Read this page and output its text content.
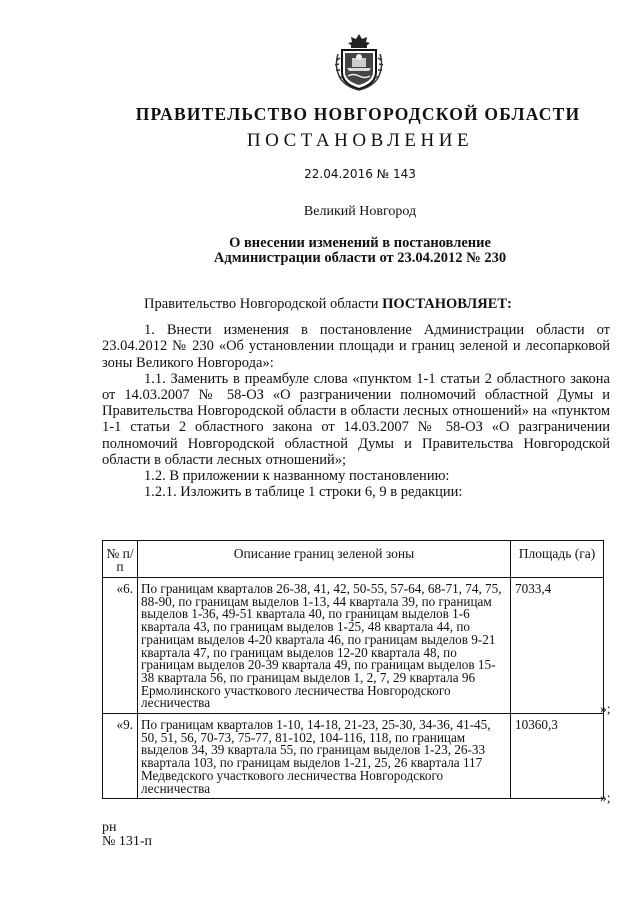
ПРАВИТЕЛЬСТВО НОВГОРОДСКОЙ ОБЛАСТИ
ПОСТАНОВЛЕНИЕ
22.04.2016 № 143
Великий Новгород
О внесении изменений в постановление
Администрации области от 23.04.2012 № 230

Правительство Новгородской области ПОСТАНОВЛЯЕТ:

1. Внести изменения в постановление Администрации области от 23.04.2012 № 230 «Об установлении площади и границ зеленой и лесопарковой зоны Великого Новгорода»:

1.1. Заменить в преамбуле слова «пунктом 1-1 статьи 2 областного закона от 14.03.2007 № 58-ОЗ «О разграничении полномочий областной Думы и Правительства Новгородской области в области лесных отношений» на «пунктом 1-1 статьи 2 областного закона от 14.03.2007 № 58-ОЗ «О разграничении полномочий Новгородской областной Думы и Правительства Новгородской области в области лесных отношений»;

1.2. В приложении к названному постановлению:

1.2.1. Изложить в таблице 1 строки 6, 9 в редакции:

№ п/п	Описание границ зеленой зоны	Площадь (га)
«6.	По границам кварталов 26-38, 41, 42, 50-55, 57-64, 68-71, 74, 75, 88-90, по границам выделов 1-13, 44 квартала 39, по границам выделов 1-36, 49-51 квартала 40, по границам выделов 1-6 квартала 43, по границам выделов 1-25, 48 квартала 44, по границам выделов 4-20 квартала 46, по границам выделов 9-21 квартала 47, по границам выделов 12-20 квартала 48, по границам выделов 20-39 квартала 49, по границам выделов 15-38 квартала 56, по границам выделов 1, 2, 7, 29 квартала 96 Ермолинского участкового лесничества Новгородского лесничества	7033,4
«9.	По границам кварталов 1-10, 14-18, 21-23, 25-30, 34-36, 41-45, 50, 51, 56, 70-73, 75-77, 81-102, 104-116, 118, по границам выделов 34, 39 квартала 55, по границам выделов 1-23, 26-33 квартала 103, по границам выделов 1-21, 25, 26 квартала 117 Медведского участкового лесничества Новгородского лесничества	10360,3
»;
»;
рн
№ 131-п
